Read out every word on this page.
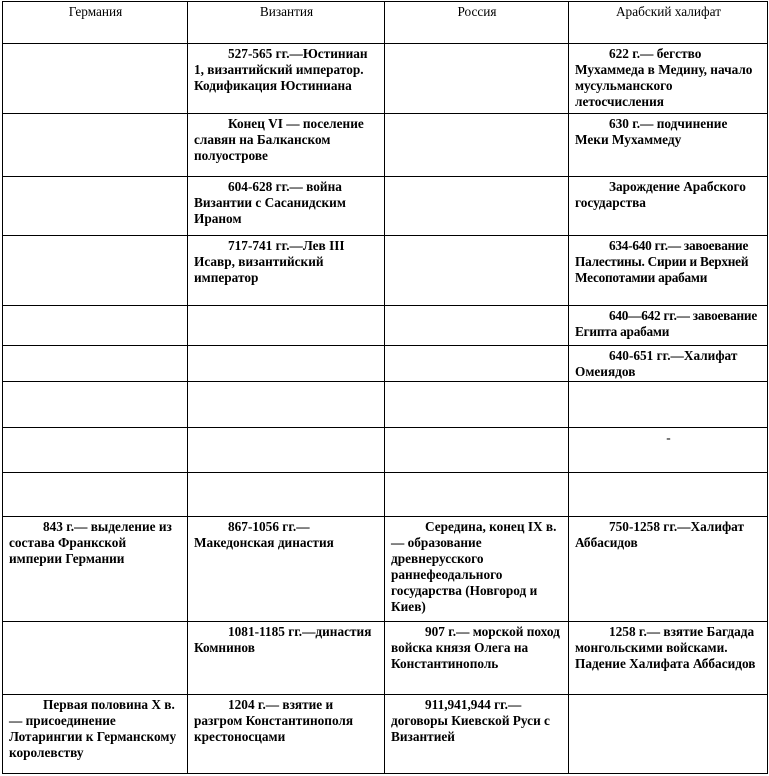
Германия	Византия	Россия	Арабский халифат

	527-565 гг.—Юстиниан 1, византийский император. Кодификация Юстиниана		622 г.— бегство Мухаммеда в Медину, начало мусульманского летосчисления

	Конец VI — поселение славян на Балканском полуострове		630 г.— подчинение Меки Мухаммеду

	604-628 гг.— война Византии с Сасанидским Ираном		Зарождение Арабского государства

	717-741 гг.—Лев III Исавр, византийский император		634-640 гг.— завоевание Палестины. Сирии и Верхней Месопотамии арабами

			640—642 гг.— завоевание Египта арабами

			640-651 гг.—Халифат Омеиядов

			-

843 г.— выделение из состава Франкской империи Германии	867-1056 гг.— Македонская династия	Середина, конец IX в.— образование древнерусского раннефеодального государства (Новгород и Киев)	750-1258 гг.—Халифат Аббасидов

	1081-1185 гг.—династия Комнинов	907 г.— морской поход войска князя Олега на Константинополь	1258 г.— взятие Багдада монгольскими войсками. Падение Халифата Аббасидов

Первая половина X в.— присоединение Лотарингии к Германскому королевству	1204 г.— взятие и разгром Константинополя крестоносцами	911,941,944 гг.— договоры Киевской Руси с Византией	
